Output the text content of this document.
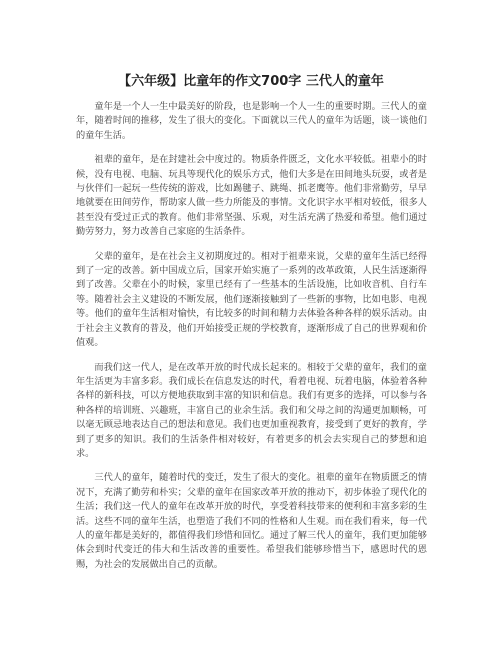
【六年级】比童年的作文700字 三代人的童年

童年是一个人一生中最美好的阶段，也是影响一个人一生的重要时期。三代人的童年，随着时间的推移，发生了很大的变化。下面就以三代人的童年为话题，谈一谈他们的童年生活。

祖辈的童年，是在封建社会中度过的。物质条件匮乏，文化水平较低。祖辈小的时候，没有电视、电脑、玩具等现代化的娱乐方式，他们大多是在田间地头玩耍，或者是与伙伴们一起玩一些传统的游戏，比如踢毽子、跳绳、抓老鹰等。他们非常勤劳，早早地就要在田间劳作，帮助家人做一些力所能及的事情。文化识字水平相对较低，很多人甚至没有受过正式的教育。他们非常坚强、乐观，对生活充满了热爱和希望。他们通过勤劳努力，努力改善自己家庭的生活条件。

父辈的童年，是在社会主义初期度过的。相对于祖辈来说，父辈的童年生活已经得到了一定的改善。新中国成立后，国家开始实施了一系列的改革政策，人民生活逐渐得到了改善。父辈在小的时候，家里已经有了一些基本的生活设施，比如收音机、自行车等。随着社会主义建设的不断发展，他们逐渐接触到了一些新的事物，比如电影、电视等。他们的童年生活相对愉快，有比较多的时间和精力去体验各种各样的娱乐活动。由于社会主义教育的普及，他们开始接受正规的学校教育，逐渐形成了自己的世界观和价值观。

而我们这一代人，是在改革开放的时代成长起来的。相较于父辈的童年，我们的童年生活更为丰富多彩。我们成长在信息发达的时代，看着电视、玩着电脑，体验着各种各样的新科技，可以方便地获取到丰富的知识和信息。我们有更多的选择，可以参与各种各样的培训班、兴趣班，丰富自己的业余生活。我们和父母之间的沟通更加顺畅，可以毫无顾忌地表达自己的想法和意见。我们也更加重视教育，接受到了更好的教育，学到了更多的知识。我们的生活条件相对较好，有着更多的机会去实现自己的梦想和追求。

三代人的童年，随着时代的变迁，发生了很大的变化。祖辈的童年在物质匮乏的情况下，充满了勤劳和朴实；父辈的童年在国家改革开放的推动下，初步体验了现代化的生活；我们这一代人的童年在改革开放的时代，享受着科技带来的便利和丰富多彩的生活。这些不同的童年生活，也塑造了我们不同的性格和人生观。而在我们看来，每一代人的童年都是美好的，都值得我们珍惜和回忆。通过了解三代人的童年，我们更加能够体会到时代变迁的伟大和生活改善的重要性。希望我们能够珍惜当下，感恩时代的恩赐，为社会的发展做出自己的贡献。
